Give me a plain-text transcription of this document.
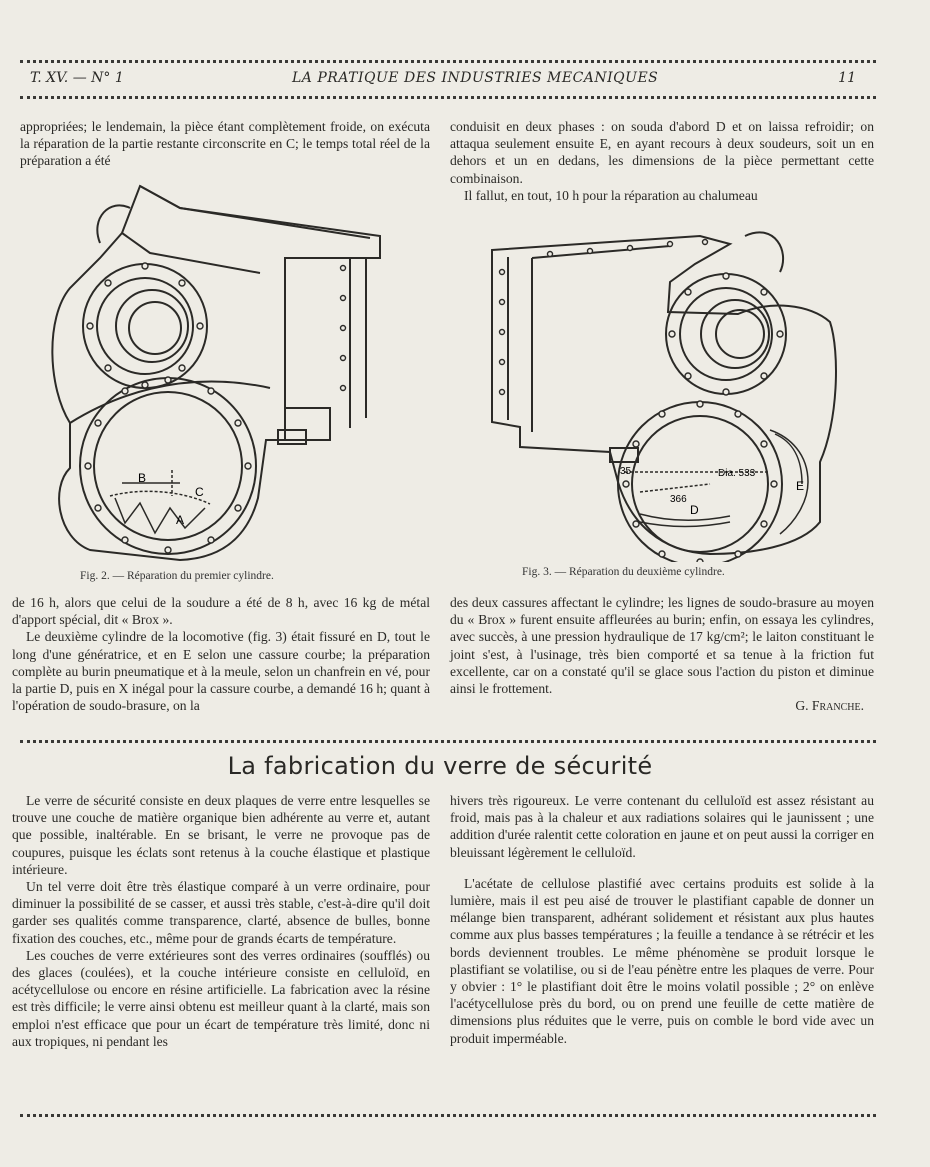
T. XV. — N° 1	LA PRATIQUE DES INDUSTRIES MECANIQUES	11

appropriées; le lendemain, la pièce étant complètement froide, on exécuta la réparation de la partie restante circonscrite en C; le temps total réel de la préparation a été

conduisit en deux phases : on souda d'abord D et on laissa refroidir; on attaqua seulement ensuite E, en ayant recours à deux soudeurs, soit un en dehors et un en dedans, les dimensions de la pièce permettant cette combinaison.

Il fallut, en tout, 10 h pour la réparation au chalumeau

B
C
A
Fig. 2. — Réparation du premier cylindre.
35	Dia. 533
366
D
E
Fig. 3. — Réparation du deuxième cylindre.

de 16 h, alors que celui de la soudure a été de 8 h, avec 16 kg de métal d'apport spécial, dit « Brox ».

Le deuxième cylindre de la locomotive (fig. 3) était fissuré en D, tout le long d'une génératrice, et en E selon une cassure courbe; la préparation complète au burin pneumatique et à la meule, selon un chanfrein en vé, pour la partie D, puis en X inégal pour la cassure courbe, a demandé 16 h; quant à l'opération de soudo-brasure, on la

des deux cassures affectant le cylindre; les lignes de soudo-brasure au moyen du « Brox » furent ensuite affleurées au burin; enfin, on essaya les cylindres, avec succès, à une pression hydraulique de 17 kg/cm²; le laiton constituant le joint s'est, à l'usinage, très bien comporté et sa tenue à la friction fut excellente, car on a constaté qu'il se glace sous l'action du piston et diminue ainsi le frottement.

G. Franche.

La fabrication du verre de sécurité

Le verre de sécurité consiste en deux plaques de verre entre lesquelles se trouve une couche de matière organique bien adhérente au verre et, autant que possible, inaltérable. En se brisant, le verre ne provoque pas de coupures, puisque les éclats sont retenus à la couche élastique et plastique intérieure.

Un tel verre doit être très élastique comparé à un verre ordinaire, pour diminuer la possibilité de se casser, et aussi très stable, c'est-à-dire qu'il doit garder ses qualités comme transparence, clarté, absence de bulles, bonne fixation des couches, etc., même pour de grands écarts de température.

Les couches de verre extérieures sont des verres ordinaires (soufflés) ou des glaces (coulées), et la couche intérieure consiste en celluloïd, en acétycellulose ou encore en résine artificielle. La fabrication avec la résine est très difficile; le verre ainsi obtenu est meilleur quant à la clarté, mais son emploi n'est efficace que pour un écart de température très limité, donc ni aux tropiques, ni pendant les

hivers très rigoureux. Le verre contenant du celluloïd est assez résistant au froid, mais pas à la chaleur et aux radiations solaires qui le jaunissent ; une addition d'urée ralentit cette coloration en jaune et on peut aussi la corriger en bleuissant légèrement le celluloïd.

L'acétate de cellulose plastifié avec certains produits est solide à la lumière, mais il est peu aisé de trouver le plastifiant capable de donner un mélange bien transparent, adhérant solidement et résistant aux plus hautes comme aux plus basses températures ; la feuille a tendance à se rétrécir et les bords deviennent troubles. Le même phénomène se produit lorsque le plastifiant se volatilise, ou si de l'eau pénètre entre les plaques de verre. Pour y obvier : 1° le plastifiant doit être le moins volatil possible ; 2° on enlève l'acétycellulose près du bord, ou on prend une feuille de cette matière de dimensions plus réduites que le verre, puis on comble le bord vide avec un produit imperméable.
